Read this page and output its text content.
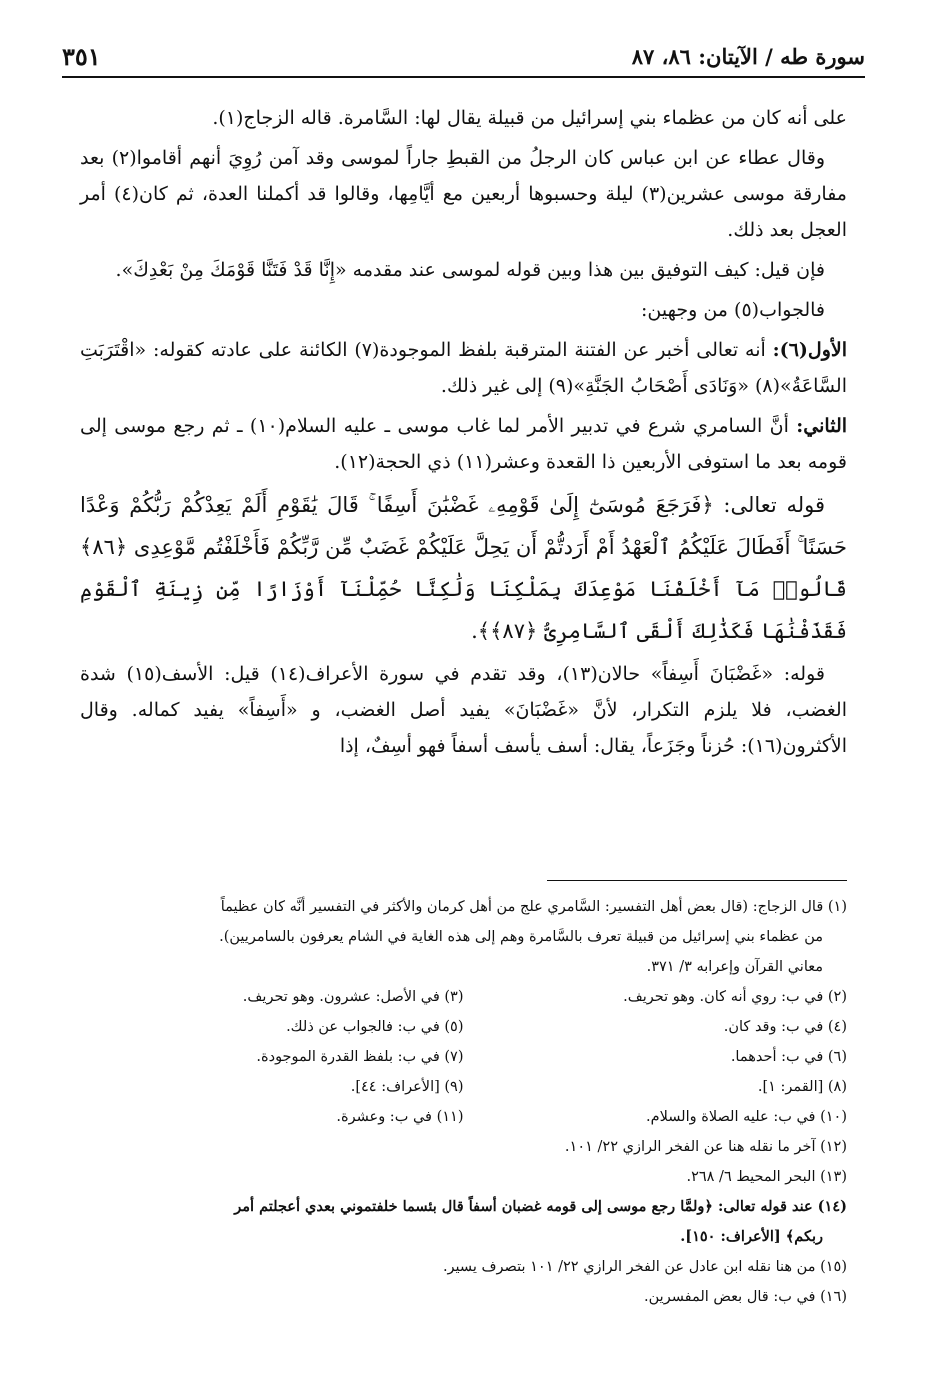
سورة طه / الآيتان: ٨٦، ٨٧
٣٥١

على أنه كان من عظماء بني إسرائيل من قبيلة يقال لها: السَّامرة. قاله الزجاج(١).

وقال عطاء عن ابن عباس كان الرجلُ من القبطِ جاراً لموسى وقد آمن رُوِيَ أنهم أقاموا(٢) بعد مفارقة موسى عشرين(٣) ليلة وحسبوها أربعين مع أيَّامِها، وقالوا قد أكملنا العدة، ثم كان(٤) أمر العجل بعد ذلك.

فإن قيل: كيف التوفيق بين هذا وبين قوله لموسى عند مقدمه «إِنَّا قَدْ فَتَنَّا قَوْمَكَ مِنْ بَعْدِكَ».

فالجواب(٥) من وجهين:

الأول(٦): أنه تعالى أخبر عن الفتنة المترقبة بلفظ الموجودة(٧) الكائنة على عادته كقوله: «اقْتَرَبَتِ السَّاعَةُ»(٨) «وَنَادَى أَصْحَابُ الجَنَّةِ»(٩) إلى غير ذلك.

الثاني: أنَّ السامري شرع في تدبير الأمر لما غاب موسى ـ عليه السلام(١٠) ـ ثم رجع موسى إلى قومه بعد ما استوفى الأربعين ذا القعدة وعشر(١١) ذي الحجة(١٢).

قوله تعالى: ﴿فَرَجَعَ مُوسَىٰٓ إِلَىٰ قَوْمِهِۦ غَضْبَٰنَ أَسِفًا ۚ قَالَ يَٰقَوْمِ أَلَمْ يَعِدْكُمْ رَبُّكُمْ وَعْدًا حَسَنًا ۚ أَفَطَالَ عَلَيْكُمُ ٱلْعَهْدُ أَمْ أَرَدتُّمْ أَن يَحِلَّ عَلَيْكُمْ غَضَبٌ مِّن رَّبِّكُمْ فَأَخْلَفْتُم مَّوْعِدِى ﴿٨٦﴾ قَالُوا۟ مَآ أَخْلَفْنَا مَوْعِدَكَ بِمَلْكِنَا وَلَٰكِنَّا حُمِّلْنَآ أَوْزَارًا مِّن زِينَةِ ٱلْقَوْمِ فَقَذَفْنَٰهَا فَكَذَٰلِكَ أَلْقَى ٱلسَّامِرِىُّ ﴿٨٧﴾﴾.

قوله: «غَضْبَانَ أَسِفاً» حالان(١٣)، وقد تقدم في سورة الأعراف(١٤) قيل: الأسف(١٥) شدة الغضب، فلا يلزم التكرار، لأنَّ «غَضْبَانَ» يفيد أصل الغضب، و «أَسِفاً» يفيد كماله. وقال الأكثرون(١٦): حُزناً وجَزَعاً، يقال: أسف يأسف أسفاً فهو أسِفٌ، إذا

(١) قال الزجاج: (قال بعض أهل التفسير: السَّامري علج من أهل كرمان والأكثر في التفسير أنَّه كان عظيماً
من عظماء بني إسرائيل من قبيلة تعرف بالسَّامرة وهم إلى هذه الغاية في الشام يعرفون بالسامريين).
معاني القرآن وإعرابه ٣/ ٣٧١.
(٢) في ب: روي أنه كان. وهو تحريف.
(٣) في الأصل: عشرون. وهو تحريف.
(٤) في ب: وقد كان.
(٥) في ب: فالجواب عن ذلك.
(٦) في ب: أحدهما.
(٧) في ب: بلفظ القدرة الموجودة.
(٨) [القمر: ١].
(٩) [الأعراف: ٤٤].
(١٠) في ب: عليه الصلاة والسلام.
(١١) في ب: وعشرة.
(١٢) آخر ما نقله هنا عن الفخر الرازي ٢٢/ ١٠١.
(١٣) البحر المحيط ٦/ ٢٦٨.
(١٤) عند قوله تعالى: ﴿ولمَّا رجع موسى إلى قومه غضبان أسفاً قال بئسما خلفتموني بعدي أعجلتم أمر
ربكم﴾ [الأعراف: ١٥٠].
(١٥) من هنا نقله ابن عادل عن الفخر الرازي ٢٢/ ١٠١ بتصرف يسير.
(١٦) في ب: قال بعض المفسرين.
